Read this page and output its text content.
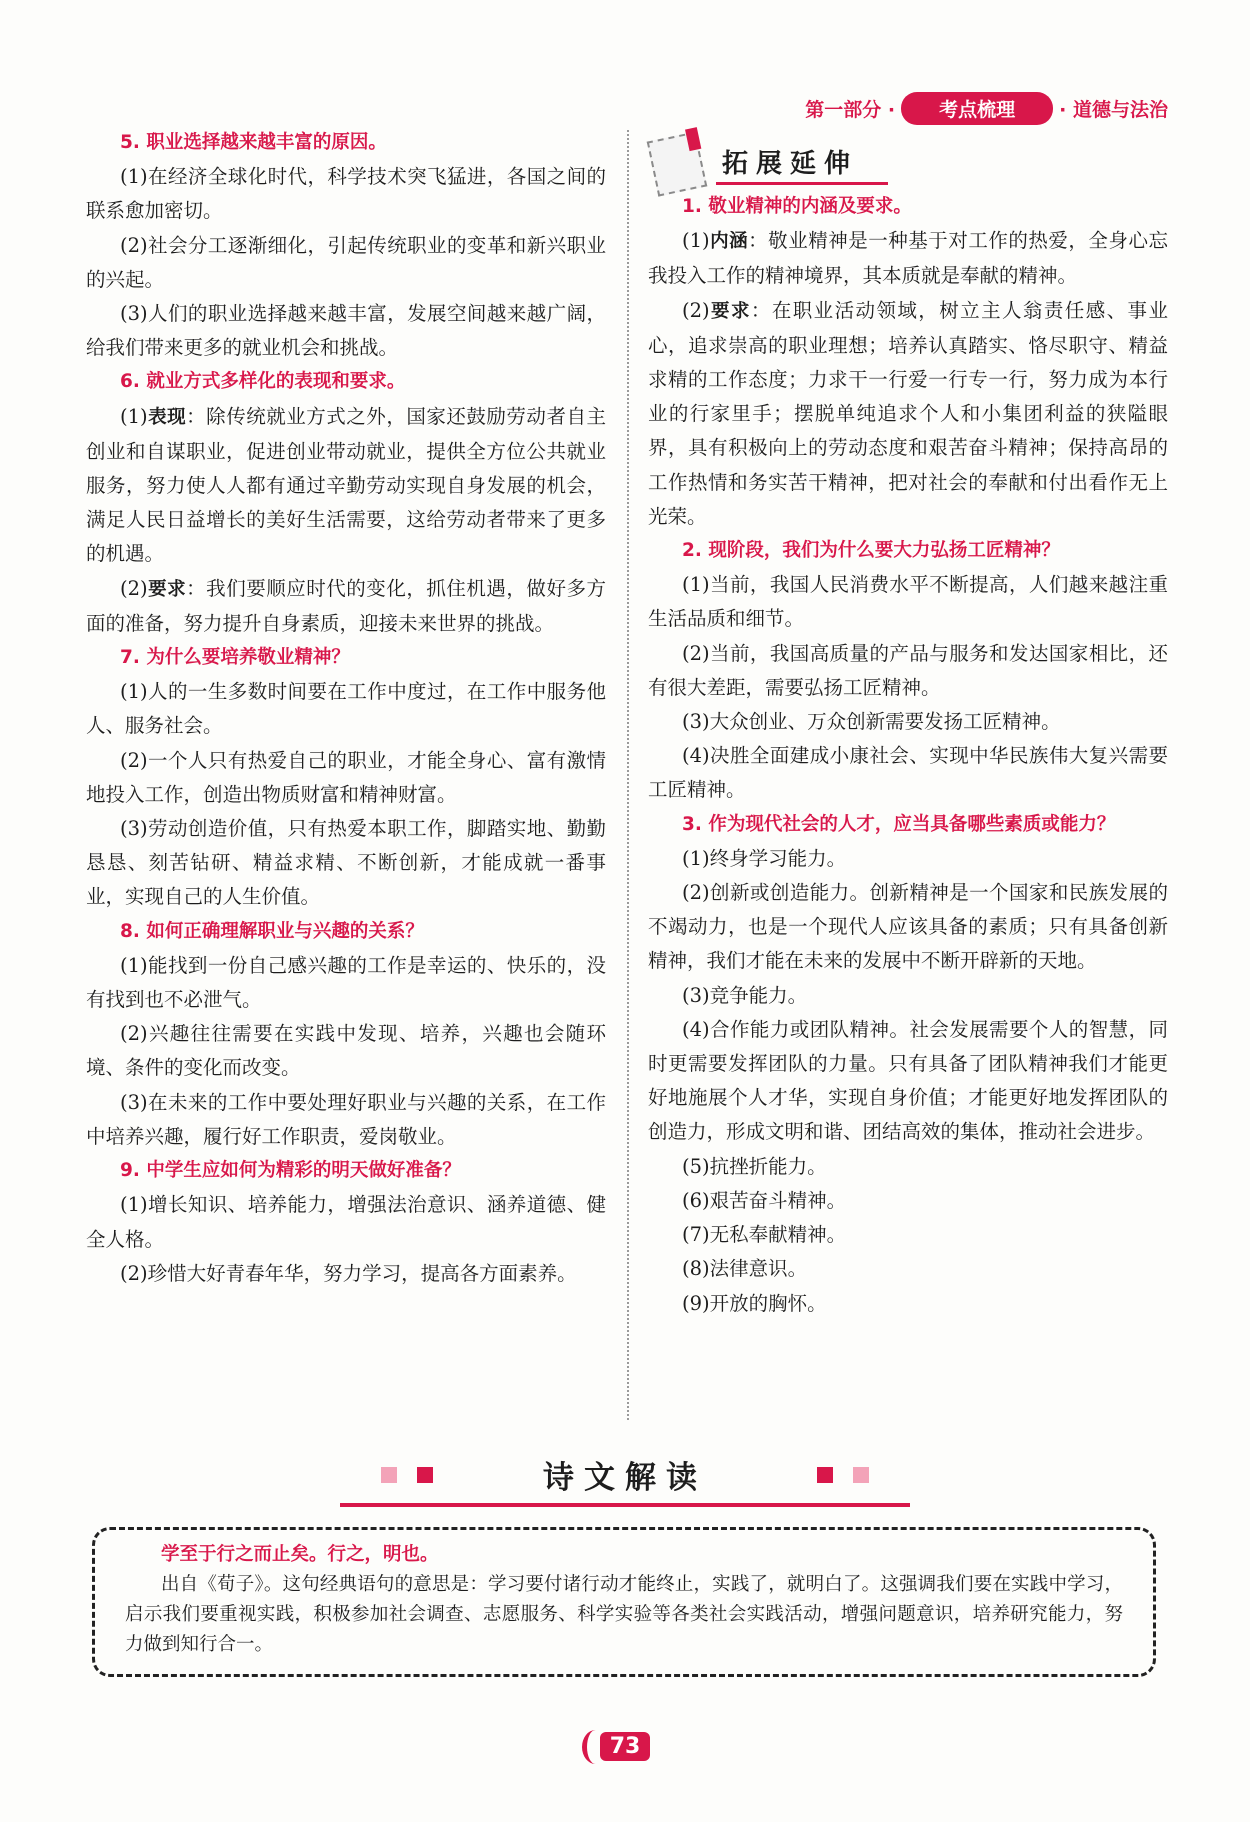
第一部分 ·	考点梳理	· 道德与法治

5. 职业选择越来越丰富的原因。

(1)在经济全球化时代，科学技术突飞猛进，各国之间的联系愈加密切。

(2)社会分工逐渐细化，引起传统职业的变革和新兴职业的兴起。

(3)人们的职业选择越来越丰富，发展空间越来越广阔，给我们带来更多的就业机会和挑战。

6. 就业方式多样化的表现和要求。

(1)表现：除传统就业方式之外，国家还鼓励劳动者自主创业和自谋职业，促进创业带动就业，提供全方位公共就业服务，努力使人人都有通过辛勤劳动实现自身发展的机会，满足人民日益增长的美好生活需要，这给劳动者带来了更多的机遇。

(2)要求：我们要顺应时代的变化，抓住机遇，做好多方面的准备，努力提升自身素质，迎接未来世界的挑战。

7. 为什么要培养敬业精神？

(1)人的一生多数时间要在工作中度过，在工作中服务他人、服务社会。

(2)一个人只有热爱自己的职业，才能全身心、富有激情地投入工作，创造出物质财富和精神财富。

(3)劳动创造价值，只有热爱本职工作，脚踏实地、勤勤恳恳、刻苦钻研、精益求精、不断创新，才能成就一番事业，实现自己的人生价值。

8. 如何正确理解职业与兴趣的关系？

(1)能找到一份自己感兴趣的工作是幸运的、快乐的，没有找到也不必泄气。

(2)兴趣往往需要在实践中发现、培养，兴趣也会随环境、条件的变化而改变。

(3)在未来的工作中要处理好职业与兴趣的关系，在工作中培养兴趣，履行好工作职责，爱岗敬业。

9. 中学生应如何为精彩的明天做好准备？

(1)增长知识、培养能力，增强法治意识、涵养道德、健全人格。

(2)珍惜大好青春年华，努力学习，提高各方面素养。

拓展延伸

1. 敬业精神的内涵及要求。

(1)内涵：敬业精神是一种基于对工作的热爱，全身心忘我投入工作的精神境界，其本质就是奉献的精神。

(2)要求：在职业活动领域，树立主人翁责任感、事业心，追求崇高的职业理想；培养认真踏实、恪尽职守、精益求精的工作态度；力求干一行爱一行专一行，努力成为本行业的行家里手；摆脱单纯追求个人和小集团利益的狭隘眼界，具有积极向上的劳动态度和艰苦奋斗精神；保持高昂的工作热情和务实苦干精神，把对社会的奉献和付出看作无上光荣。

2. 现阶段，我们为什么要大力弘扬工匠精神？

(1)当前，我国人民消费水平不断提高，人们越来越注重生活品质和细节。

(2)当前，我国高质量的产品与服务和发达国家相比，还有很大差距，需要弘扬工匠精神。

(3)大众创业、万众创新需要发扬工匠精神。

(4)决胜全面建成小康社会、实现中华民族伟大复兴需要工匠精神。

3. 作为现代社会的人才，应当具备哪些素质或能力？

(1)终身学习能力。

(2)创新或创造能力。创新精神是一个国家和民族发展的不竭动力，也是一个现代人应该具备的素质；只有具备创新精神，我们才能在未来的发展中不断开辟新的天地。

(3)竞争能力。

(4)合作能力或团队精神。社会发展需要个人的智慧，同时更需要发挥团队的力量。只有具备了团队精神我们才能更好地施展个人才华，实现自身价值；才能更好地发挥团队的创造力，形成文明和谐、团结高效的集体，推动社会进步。

(5)抗挫折能力。

(6)艰苦奋斗精神。

(7)无私奉献精神。

(8)法律意识。

(9)开放的胸怀。

诗文解读
学至于行之而止矣。行之，明也。

出自《荀子》。这句经典语句的意思是：学习要付诸行动才能终止，实践了，就明白了。这强调我们要在实践中学习，启示我们要重视实践，积极参加社会调查、志愿服务、科学实验等各类社会实践活动，增强问题意识，培养研究能力，努力做到知行合一。

73
